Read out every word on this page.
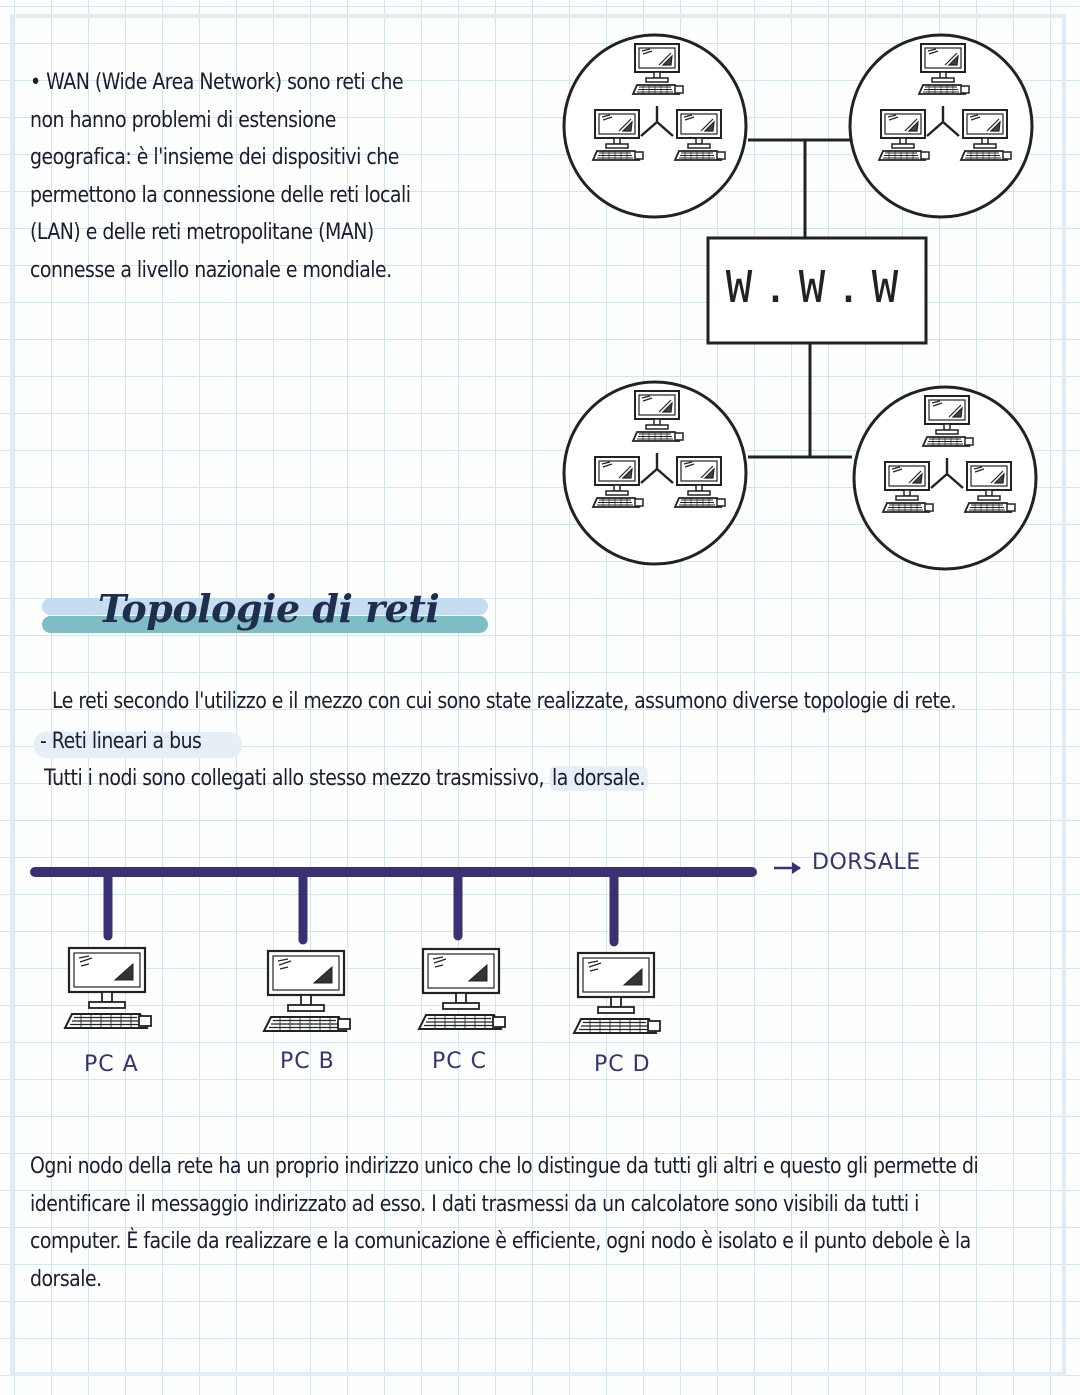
• WAN (Wide Area Network) sono reti che
non hanno problemi di estensione
geografica: è l'insieme dei dispositivi che
permettono la connessione delle reti locali
(LAN) e delle reti metropolitane (MAN)
connesse a livello nazionale e mondiale.	W.W.W
Topologie di reti
Le reti secondo l'utilizzo e il mezzo con cui sono state realizzate, assumono diverse topologie di rete.
- Reti lineari a bus
Tutti i nodi sono collegati allo stesso mezzo trasmissivo, la dorsale.
DORSALE
PC A	PC B	PC C	PC D
Ogni nodo della rete ha un proprio indirizzo unico che lo distingue da tutti gli altri e questo gli permette di
identificare il messaggio indirizzato ad esso. I dati trasmessi da un calcolatore sono visibili da tutti i
computer. È facile da realizzare e la comunicazione è efficiente, ogni nodo è isolato e il punto debole è la
dorsale.
